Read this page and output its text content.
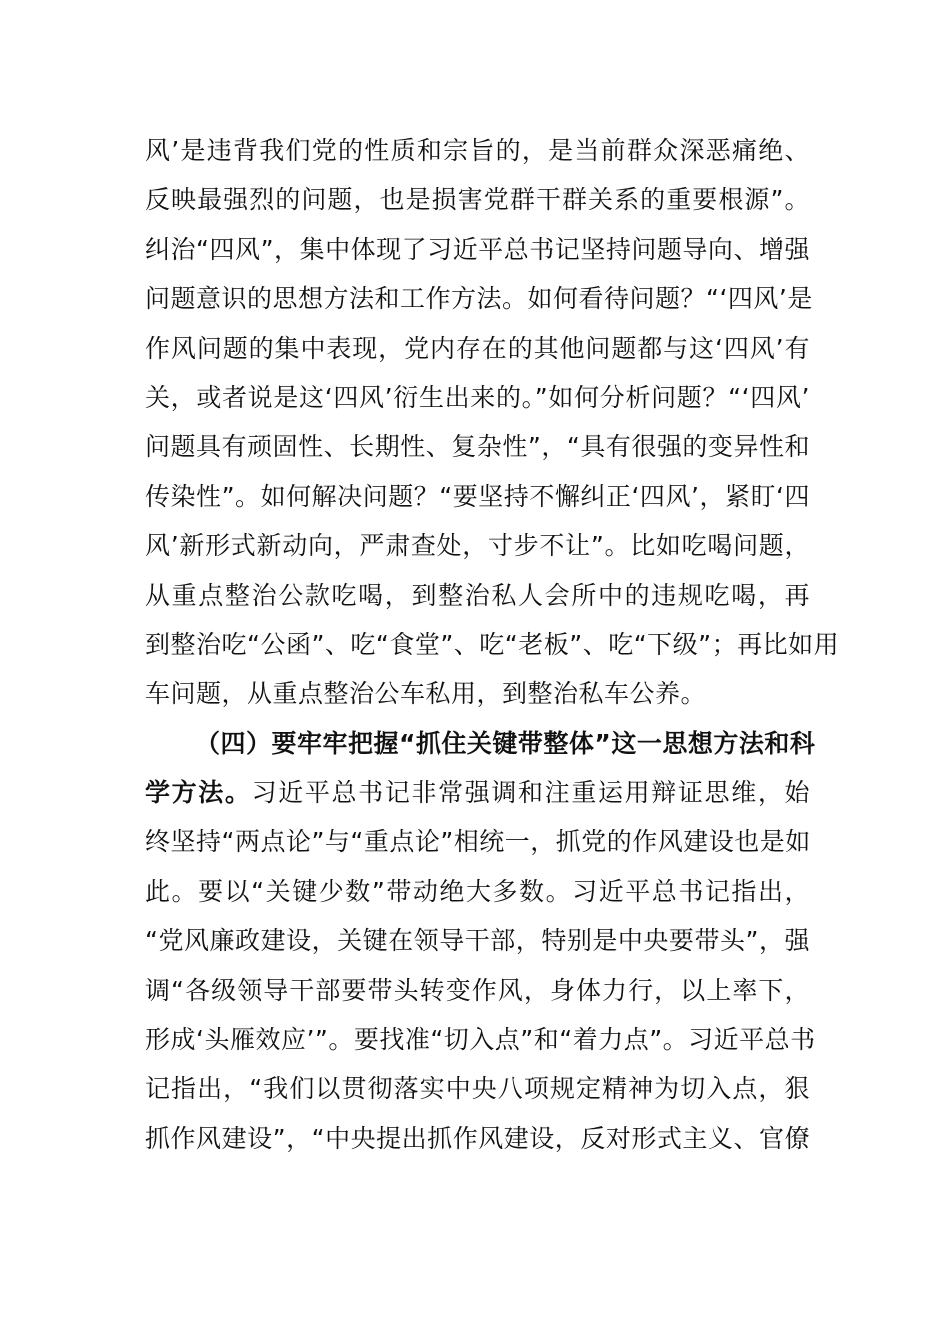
风’是违背我们党的性质和宗旨的，是当前群众深恶痛绝、
反映最强烈的问题，也是损害党群干群关系的重要根源”。
纠治“四风”，集中体现了习近平总书记坚持问题导向、增强
问题意识的思想方法和工作方法。如何看待问题？“‘四风’是
作风问题的集中表现，党内存在的其他问题都与这‘四风’有
关，或者说是这‘四风’衍生出来的。”如何分析问题？“‘四风’
问题具有顽固性、长期性、复杂性”，“具有很强的变异性和
传染性”。如何解决问题？“要坚持不懈纠正‘四风’，紧盯‘四
风’新形式新动向，严肃查处，寸步不让”。比如吃喝问题，
从重点整治公款吃喝，到整治私人会所中的违规吃喝，再
到整治吃“公函”、吃“食堂”、吃“老板”、吃“下级”；再比如用
车问题，从重点整治公车私用，到整治私车公养。
（四）要牢牢把握“抓住关键带整体”这一思想方法和科
学方法。习近平总书记非常强调和注重运用辩证思维，始
终坚持“两点论”与“重点论”相统一，抓党的作风建设也是如
此。要以“关键少数”带动绝大多数。习近平总书记指出，
“党风廉政建设，关键在领导干部，特别是中央要带头”，强
调“各级领导干部要带头转变作风，身体力行，以上率下，
形成‘头雁效应’”。要找准“切入点”和“着力点”。习近平总书
记指出，“我们以贯彻落实中央八项规定精神为切入点，狠
抓作风建设”，“中央提出抓作风建设，反对形式主义、官僚
